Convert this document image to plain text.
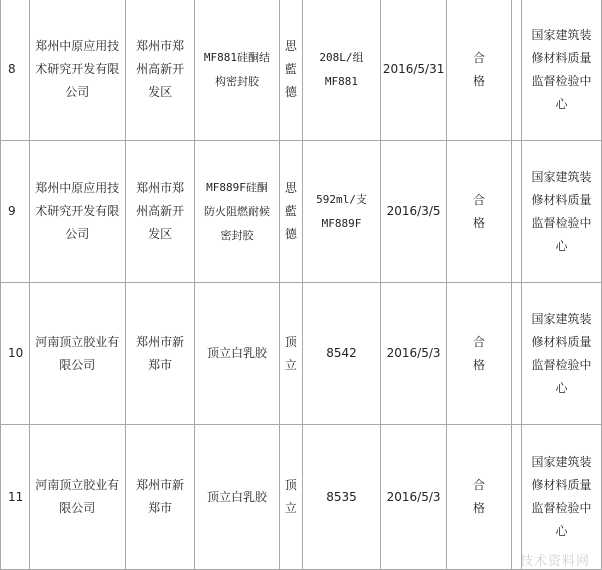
8	郑州中原应用技术研究开发有限公司	郑州市郑州高新开发区	MF881硅酮结构密封胶	思藍德	208L/组 MF881	2016/5/31	合格		国家建筑装修材料质量监督检验中心

9	郑州中原应用技术研究开发有限公司	郑州市郑州高新开发区	MF889F硅酮防火阻燃耐候密封胶	思藍德	592ml/支 MF889F	2016/3/5	合格		国家建筑装修材料质量监督检验中心

10	河南顶立胶业有限公司	郑州市新郑市	顶立白乳胶	顶立	8542	2016/5/3	合格		国家建筑装修材料质量监督检验中心

11	河南顶立胶业有限公司	郑州市新郑市	顶立白乳胶	顶立	8535	2016/5/3	合格		国家建筑装修材料质量监督检验中心
技术资料网
